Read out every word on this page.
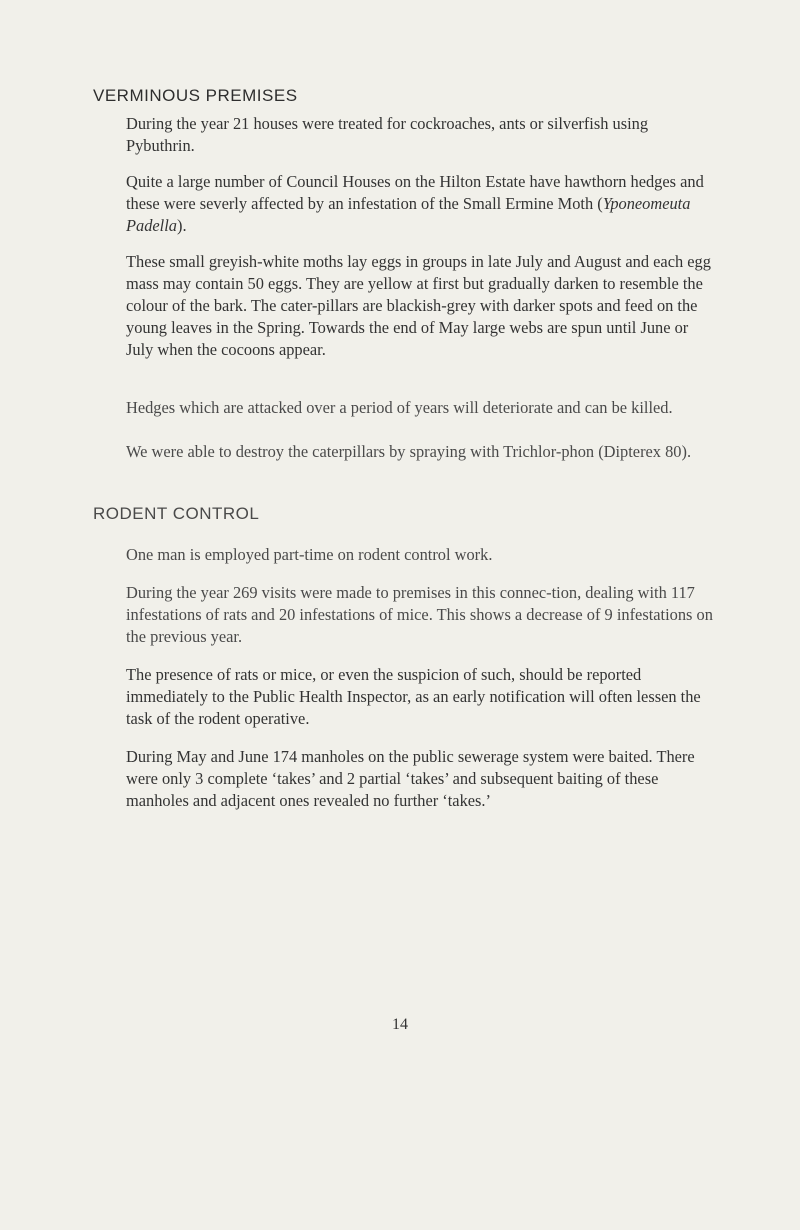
VERMINOUS PREMISES

During the year 21 houses were treated for cockroaches, ants or silverfish using Pybuthrin.

Quite a large number of Council Houses on the Hilton Estate have hawthorn hedges and these were severly affected by an infestation of the Small Ermine Moth (Yponeomeuta Padella).

These small greyish-white moths lay eggs in groups in late July and August and each egg mass may contain 50 eggs. They are yellow at first but gradually darken to resemble the colour of the bark. The cater-pillars are blackish-grey with darker spots and feed on the young leaves in the Spring. Towards the end of May large webs are spun until June or July when the cocoons appear.

Hedges which are attacked over a period of years will deteriorate and can be killed.

We were able to destroy the caterpillars by spraying with Trichlor-phon (Dipterex 80).

RODENT CONTROL

One man is employed part-time on rodent control work.

During the year 269 visits were made to premises in this connec-tion, dealing with 117 infestations of rats and 20 infestations of mice. This shows a decrease of 9 infestations on the previous year.

The presence of rats or mice, or even the suspicion of such, should be reported immediately to the Public Health Inspector, as an early notification will often lessen the task of the rodent operative.

During May and June 174 manholes on the public sewerage system were baited. There were only 3 complete ‘takes’ and 2 partial ‘takes’ and subsequent baiting of these manholes and adjacent ones revealed no further ‘takes.’

14
